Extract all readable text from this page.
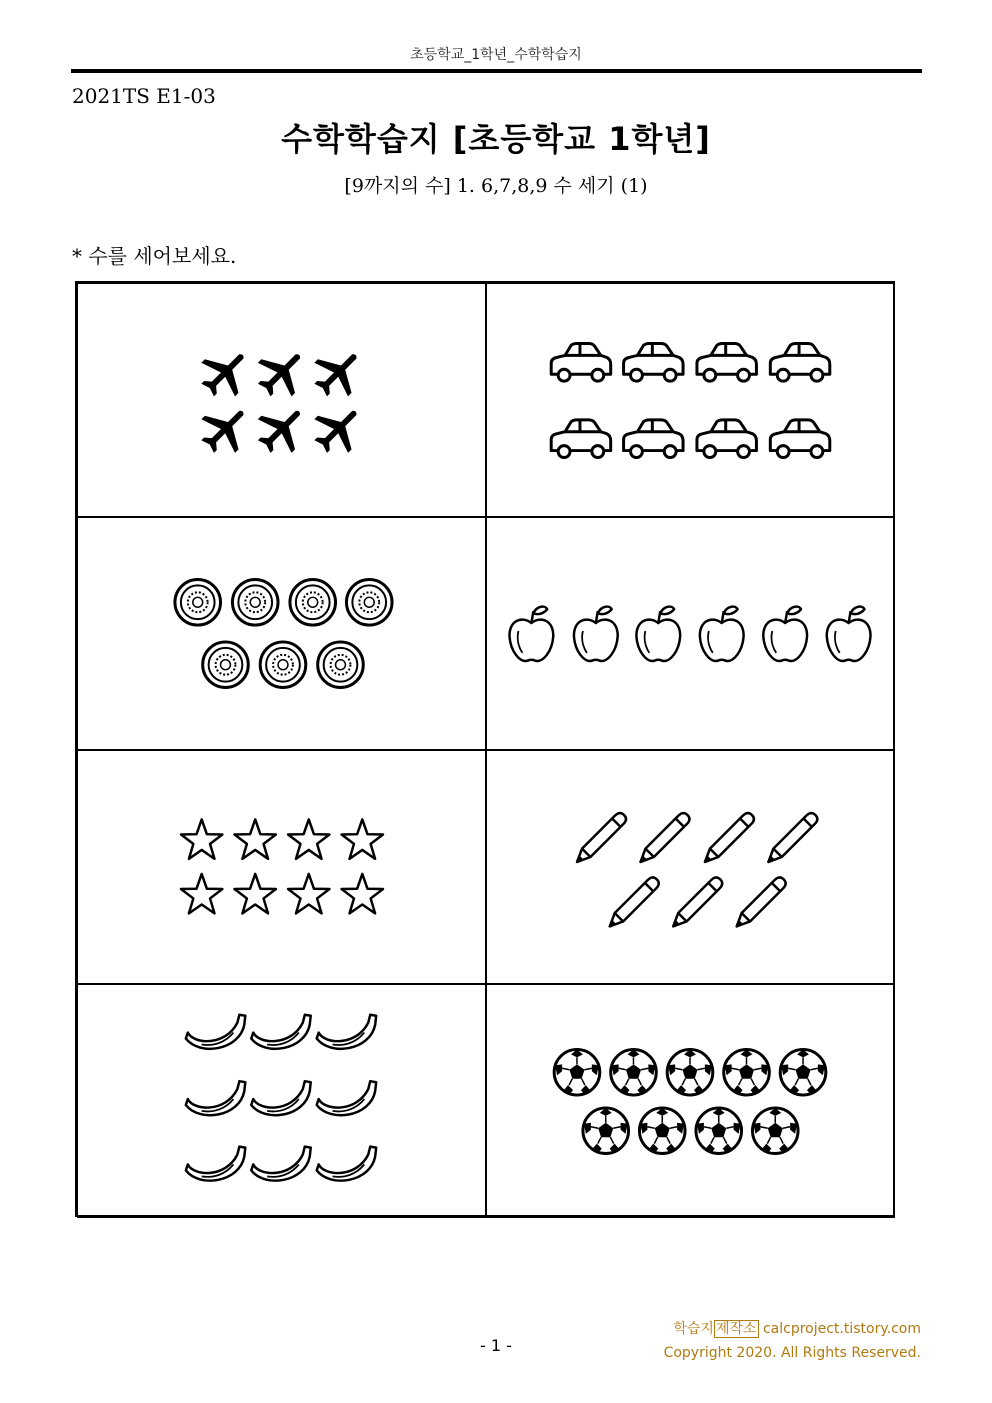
초등학교_1학년_수학학습지
2021TS E1-03
수학학습지 [초등학교 1학년]
[9까지의 수] 1. 6,7,8,9 수 세기 (1)
* 수를 세어보세요.
- 1 -
학습지 제작소 calcproject.tistory.com
Copyright 2020. All Rights Reserved.
